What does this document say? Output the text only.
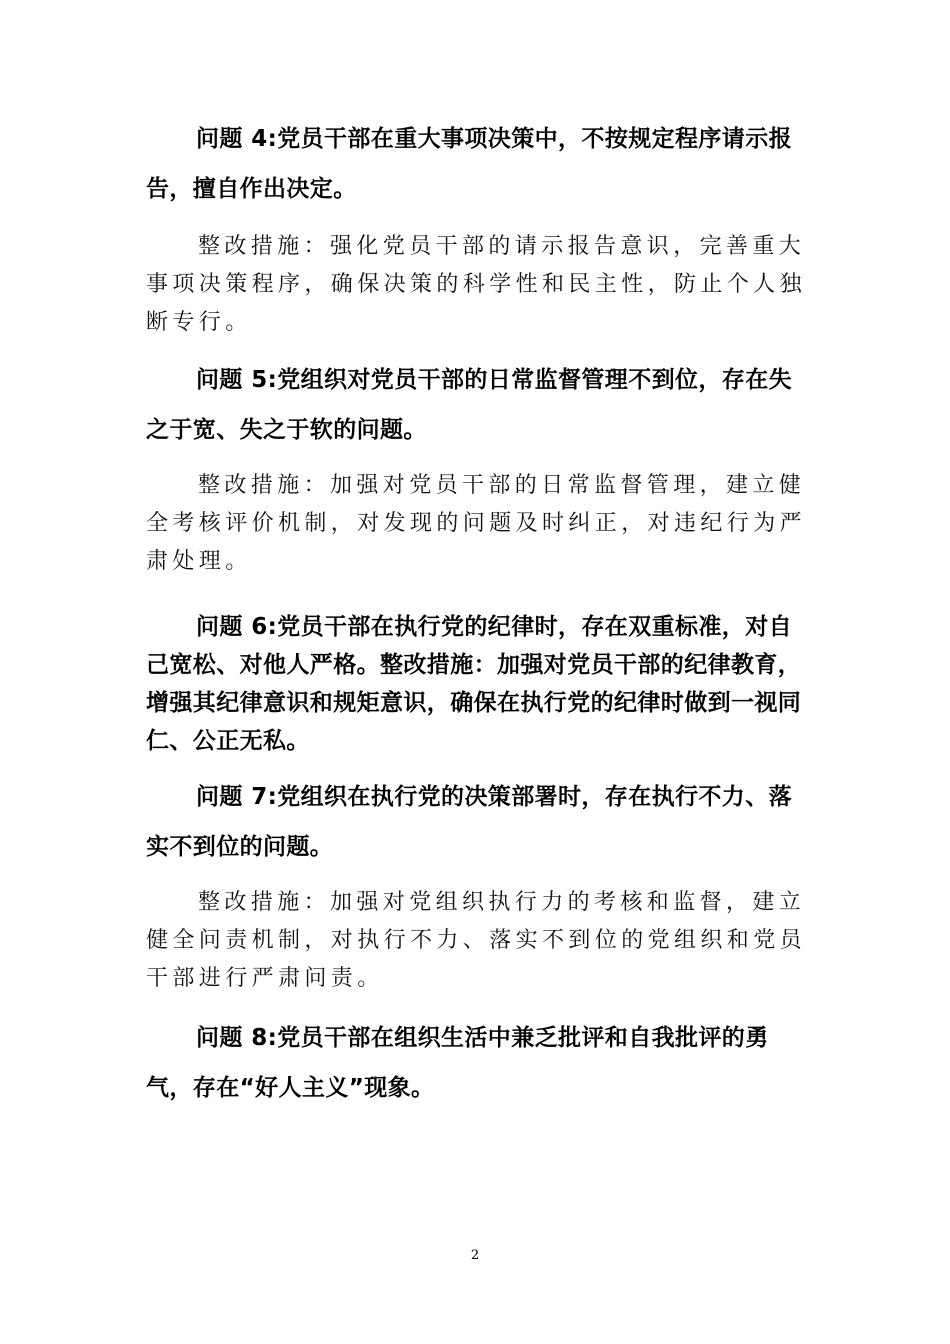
问题 4:党员干部在重大事项决策中，不按规定程序请示报告，擅自作出决定。

整改措施：强化党员干部的请示报告意识，完善重大事项决策程序，确保决策的科学性和民主性，防止个人独断专行。

问题 5:党组织对党员干部的日常监督管理不到位，存在失之于宽、失之于软的问题。

整改措施：加强对党员干部的日常监督管理，建立健全考核评价机制，对发现的问题及时纠正，对违纪行为严肃处理。

问题 6:党员干部在执行党的纪律时，存在双重标准，对自己宽松、对他人严格。整改措施：加强对党员干部的纪律教育，增强其纪律意识和规矩意识，确保在执行党的纪律时做到一视同仁、公正无私。

问题 7:党组织在执行党的决策部署时，存在执行不力、落实不到位的问题。

整改措施：加强对党组织执行力的考核和监督，建立健全问责机制，对执行不力、落实不到位的党组织和党员干部进行严肃问责。

问题 8:党员干部在组织生活中兼乏批评和自我批评的勇气，存在“好人主义”现象。

2
